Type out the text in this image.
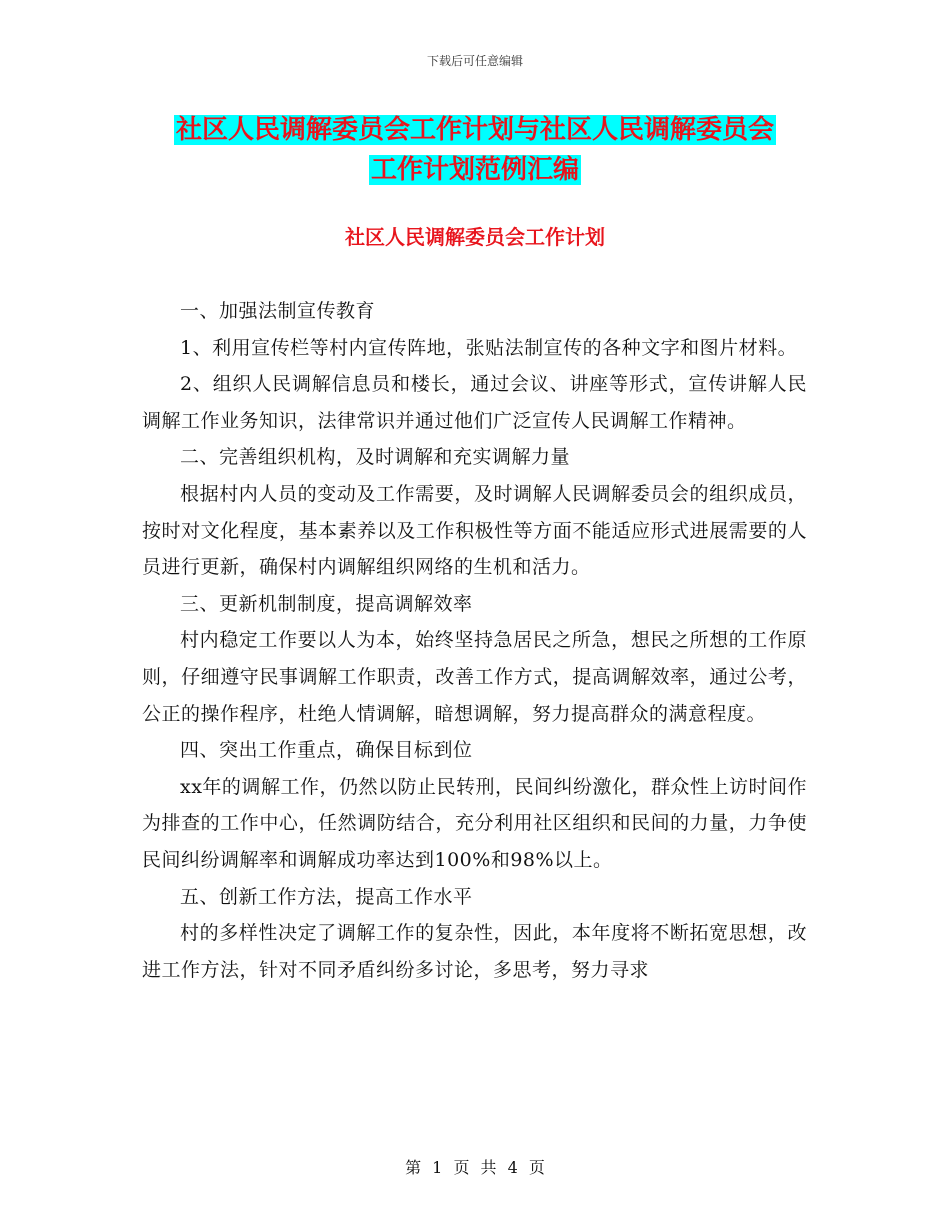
下载后可任意编辑
社区人民调解委员会工作计划与社区人民调解委员会
工作计划范例汇编
社区人民调解委员会工作计划

一、加强法制宣传教育

1、利用宣传栏等村内宣传阵地，张贴法制宣传的各种文字和图片材料。

2、组织人民调解信息员和楼长，通过会议、讲座等形式，宣传讲解人民调解工作业务知识，法律常识并通过他们广泛宣传人民调解工作精神。

二、完善组织机构，及时调解和充实调解力量

根据村内人员的变动及工作需要，及时调解人民调解委员会的组织成员，按时对文化程度，基本素养以及工作积极性等方面不能适应形式进展需要的人员进行更新，确保村内调解组织网络的生机和活力。

三、更新机制制度，提高调解效率

村内稳定工作要以人为本，始终坚持急居民之所急，想民之所想的工作原则，仔细遵守民事调解工作职责，改善工作方式，提高调解效率，通过公考，公正的操作程序，杜绝人情调解，暗想调解，努力提高群众的满意程度。

四、突出工作重点，确保目标到位

xx年的调解工作，仍然以防止民转刑，民间纠纷激化，群众性上访时间作为排查的工作中心，任然调防结合，充分利用社区组织和民间的力量，力争使民间纠纷调解率和调解成功率达到100%和98%以上。

五、创新工作方法，提高工作水平

村的多样性决定了调解工作的复杂性，因此，本年度将不断拓宽思想，改进工作方法，针对不同矛盾纠纷多讨论，多思考，努力寻求

第 1 页 共 4 页
